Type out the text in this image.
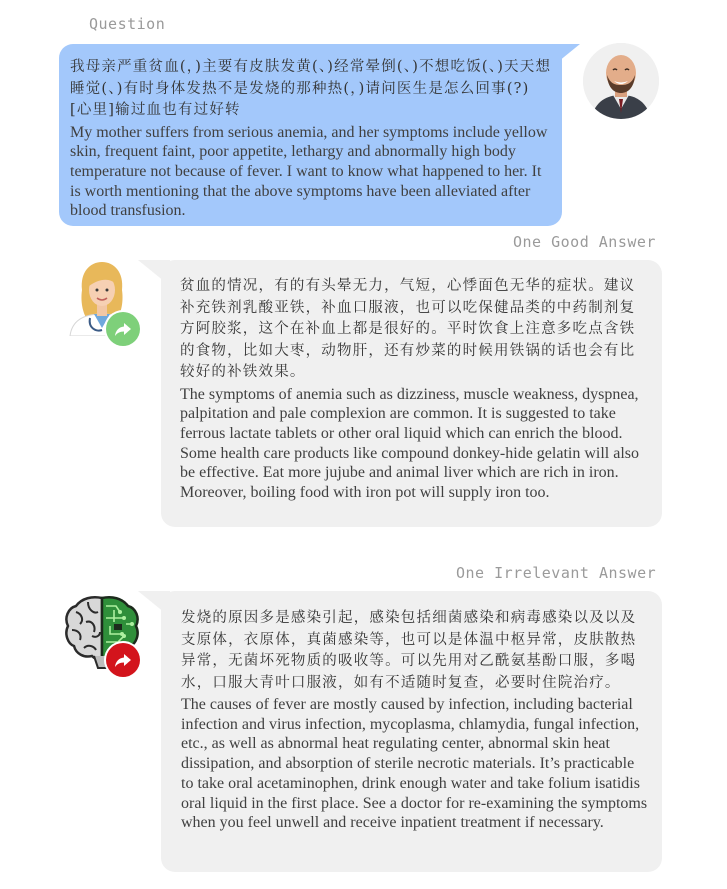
Question
One Good Answer
One Irrelevant Answer
我母亲严重贫血(，)主要有皮肤发黄(、)经常晕倒(、)不想吃饭(、)天天想睡觉(、)有时身体发热不是发烧的那种热(，)请问医生是怎么回事(?)[心里]输过血也有过好转
My mother suffers from serious anemia, and her symptoms include yellow skin, frequent faint, poor appetite, lethargy and abnormally high body temperature not because of fever. I want to know what happened to her. It is worth mentioning that the above symptoms have been alleviated after blood transfusion.
贫血的情况，有的有头晕无力，气短，心悸面色无华的症状。建议补充铁剂乳酸亚铁，补血口服液，也可以吃保健品类的中药制剂复方阿胶浆，这个在补血上都是很好的。平时饮食上注意多吃点含铁的食物，比如大枣，动物肝，还有炒菜的时候用铁锅的话也会有比较好的补铁效果。
The symptoms of anemia such as dizziness, muscle weakness, dyspnea, palpitation and pale complexion are common. It is suggested to take ferrous lactate tablets or other oral liquid which can enrich the blood. Some health care products like compound donkey-hide gelatin will also be effective. Eat more jujube and animal liver which are rich in iron. Moreover, boiling food with iron pot will supply iron too.
发烧的原因多是感染引起，感染包括细菌感染和病毒感染以及以及支原体，衣原体，真菌感染等，也可以是体温中枢异常，皮肤散热异常，无菌坏死物质的吸收等。可以先用对乙酰氨基酚口服，多喝水，口服大青叶口服液，如有不适随时复查，必要时住院治疗。
The causes of fever are mostly caused by infection, including bacterial infection and virus infection, mycoplasma, chlamydia, fungal infection, etc., as well as abnormal heat regulating center, abnormal skin heat dissipation, and absorption of sterile necrotic materials. It’s practicable to take oral acetaminophen, drink enough water and take folium isatidis oral liquid in the first place. See a doctor for re-examining the symptoms when you feel unwell and receive inpatient treatment if necessary.
